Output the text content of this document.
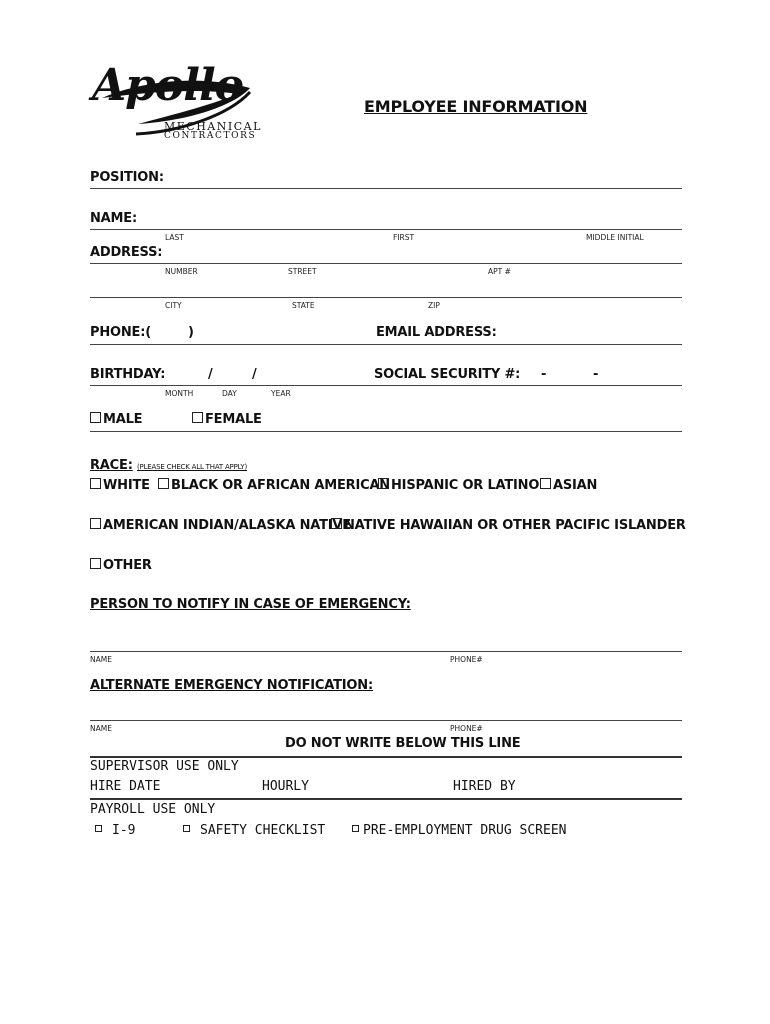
Apollo
MECHANICAL
CONTRACTORS
EMPLOYEE INFORMATION
POSITION:
NAME:
LAST	FIRST	MIDDLE INITIAL
ADDRESS:
NUMBER	STREET	APT #
CITY	STATE	ZIP
PHONE:(	)	EMAIL ADDRESS:
BIRTHDAY:	/	/	SOCIAL SECURITY #: -	-
MONTH	DAY	YEAR
MALE	FEMALE
RACE: (PLEASE CHECK ALL THAT APPLY)
WHITE	BLACK OR AFRICAN AMERICAN HISPANIC OR LATINO	ASIAN
AMERICAN INDIAN/ALASKA NATIVE
NATIVE HAWAIIAN OR OTHER PACIFIC ISLANDER
OTHER
PERSON TO NOTIFY IN CASE OF EMERGENCY:
NAME	PHONE#
ALTERNATE EMERGENCY NOTIFICATION:
NAME	PHONE#
DO NOT WRITE BELOW THIS LINE
SUPERVISOR USE ONLY
HIRE DATE	HOURLY	HIRED BY
PAYROLL USE ONLY
I-9	SAFETY CHECKLIST	PRE-EMPLOYMENT DRUG SCREEN
